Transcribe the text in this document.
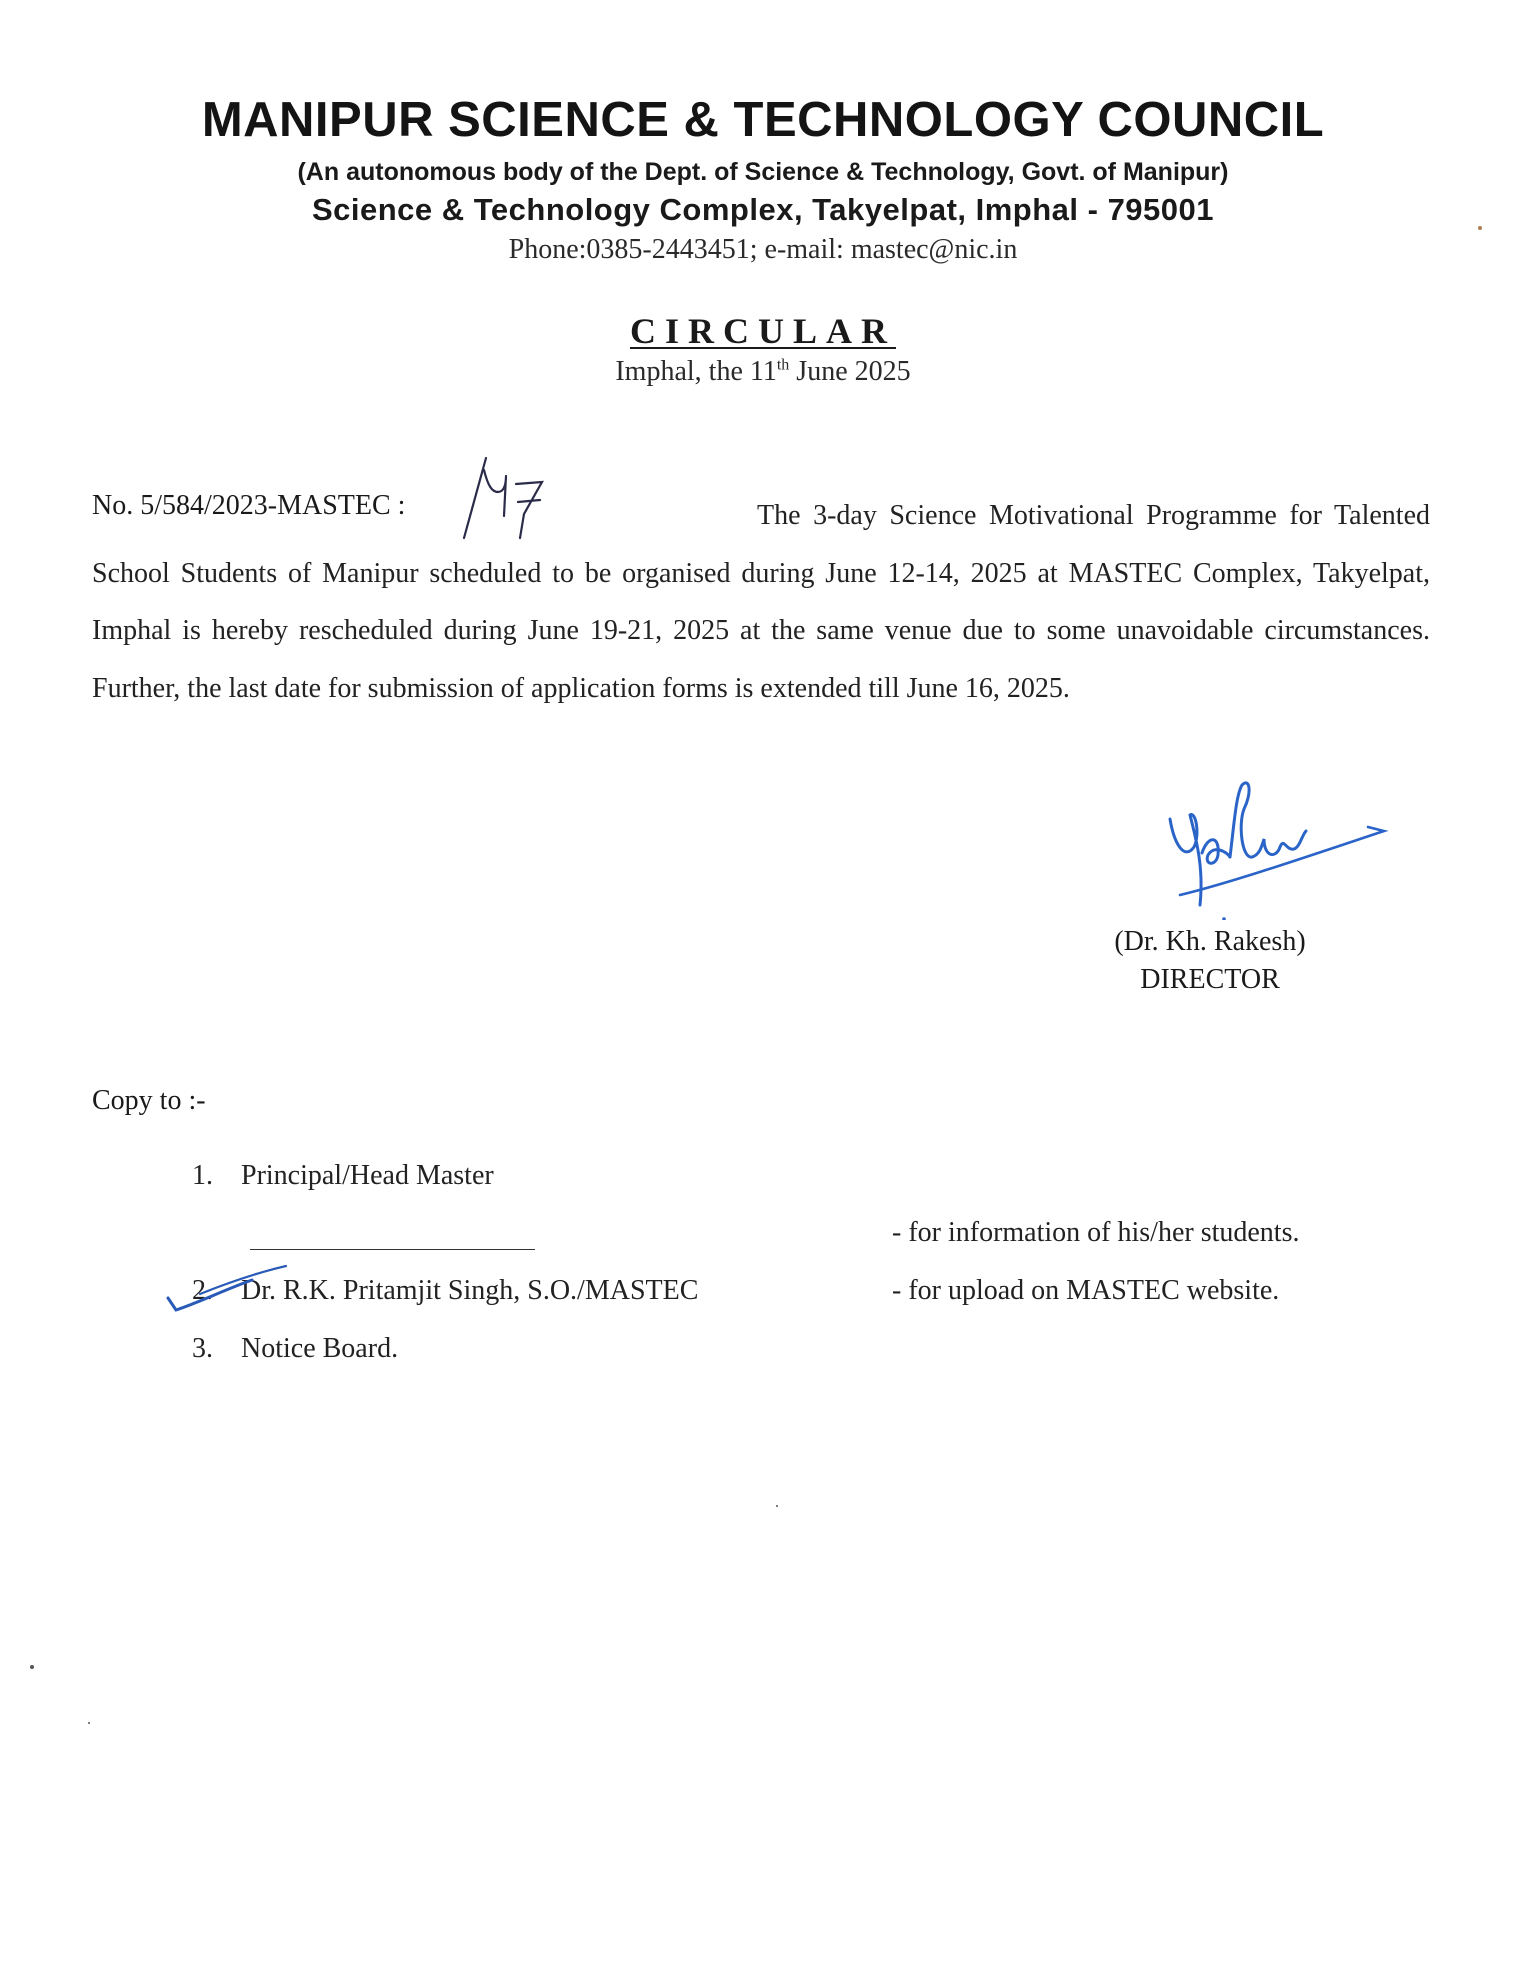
MANIPUR SCIENCE & TECHNOLOGY COUNCIL
(An autonomous body of the Dept. of Science & Technology, Govt. of Manipur)
Science & Technology Complex, Takyelpat, Imphal - 795001
Phone:0385-2443451; e-mail: mastec@nic.in
CIRCULAR
Imphal, the 11th June 2025
No. 5/584/2023-MASTEC :	The 3-day Science Motivational Programme for Talented School Students of Manipur scheduled to be organised during June 12-14, 2025 at MASTEC Complex, Takyelpat, Imphal is hereby rescheduled during June 19-21, 2025 at the same venue due to some unavoidable circumstances. Further, the last date for submission of application forms is extended till June 16, 2025.
(Dr. Kh. Rakesh)
DIRECTOR
Copy to :-
1. Principal/Head Master
- for information of his/her students.
2. Dr. R.K. Pritamjit Singh, S.O./MASTEC	- for upload on MASTEC website.
3. Notice Board.
